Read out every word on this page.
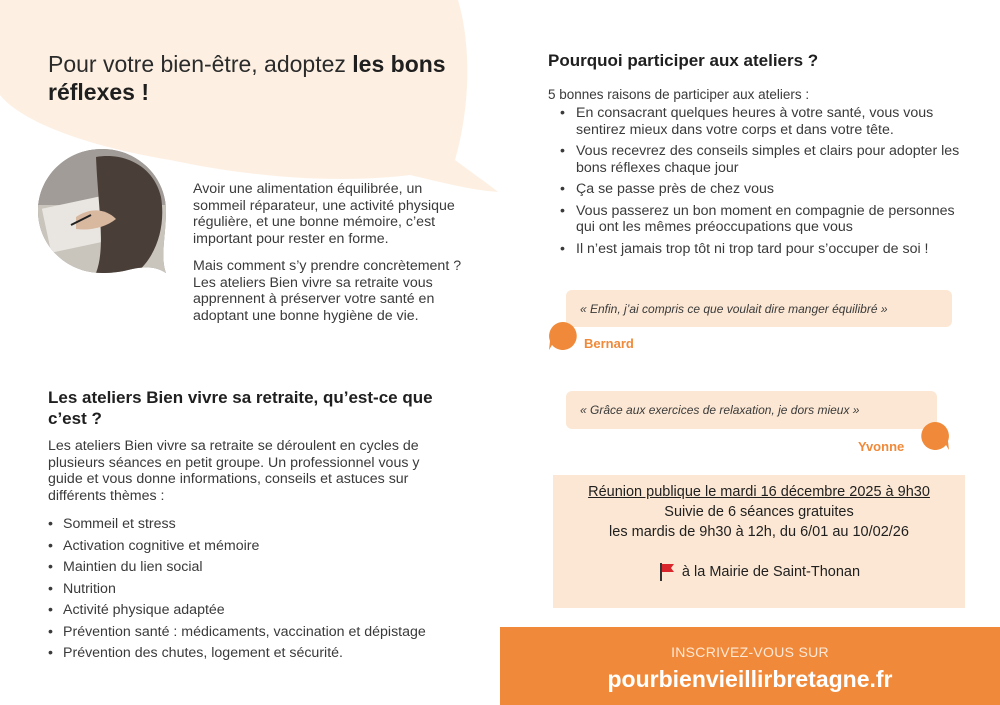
Pour votre bien-être, adoptez les bons réflexes !

Avoir une alimentation équilibrée, un sommeil réparateur, une activité physique régulière, et une bonne mémoire, c’est important pour rester en forme.

Mais comment s’y prendre concrètement ? Les ateliers Bien vivre sa retraite vous apprennent à préserver votre santé en adoptant une bonne hygiène de vie.

Les ateliers Bien vivre sa retraite, qu’est-ce que c’est ?
Les ateliers Bien vivre sa retraite se déroulent en cycles de plusieurs séances en petit groupe. Un professionnel vous y guide et vous donne informations, conseils et astuces sur différents thèmes :
• Sommeil et stress
• Activation cognitive et mémoire
• Maintien du lien social
• Nutrition
• Activité physique adaptée
• Prévention santé : médicaments, vaccination et dépistage
• Prévention des chutes, logement et sécurité.
Pourquoi participer aux ateliers ?
5 bonnes raisons de participer aux ateliers :
• En consacrant quelques heures à votre santé, vous vous sentirez mieux dans votre corps et dans votre tête.
• Vous recevrez des conseils simples et clairs pour adopter les bons réflexes chaque jour
• Ça se passe près de chez vous
• Vous passerez un bon moment en compagnie de personnes qui ont les mêmes préoccupations que vous
• Il n’est jamais trop tôt ni trop tard pour s’occuper de soi !
« Enfin, j’ai compris ce que voulait dire manger équilibré »
Bernard
« Grâce aux exercices de relaxation, je dors mieux »
Yvonne
Réunion publique le mardi 16 décembre 2025 à 9h30
Suivie de 6 séances gratuites
les mardis de 9h30 à 12h, du 6/01 au 10/02/26
à la Mairie de Saint-Thonan
INSCRIVEZ-VOUS SUR
pourbienvieillirbretagne.fr
